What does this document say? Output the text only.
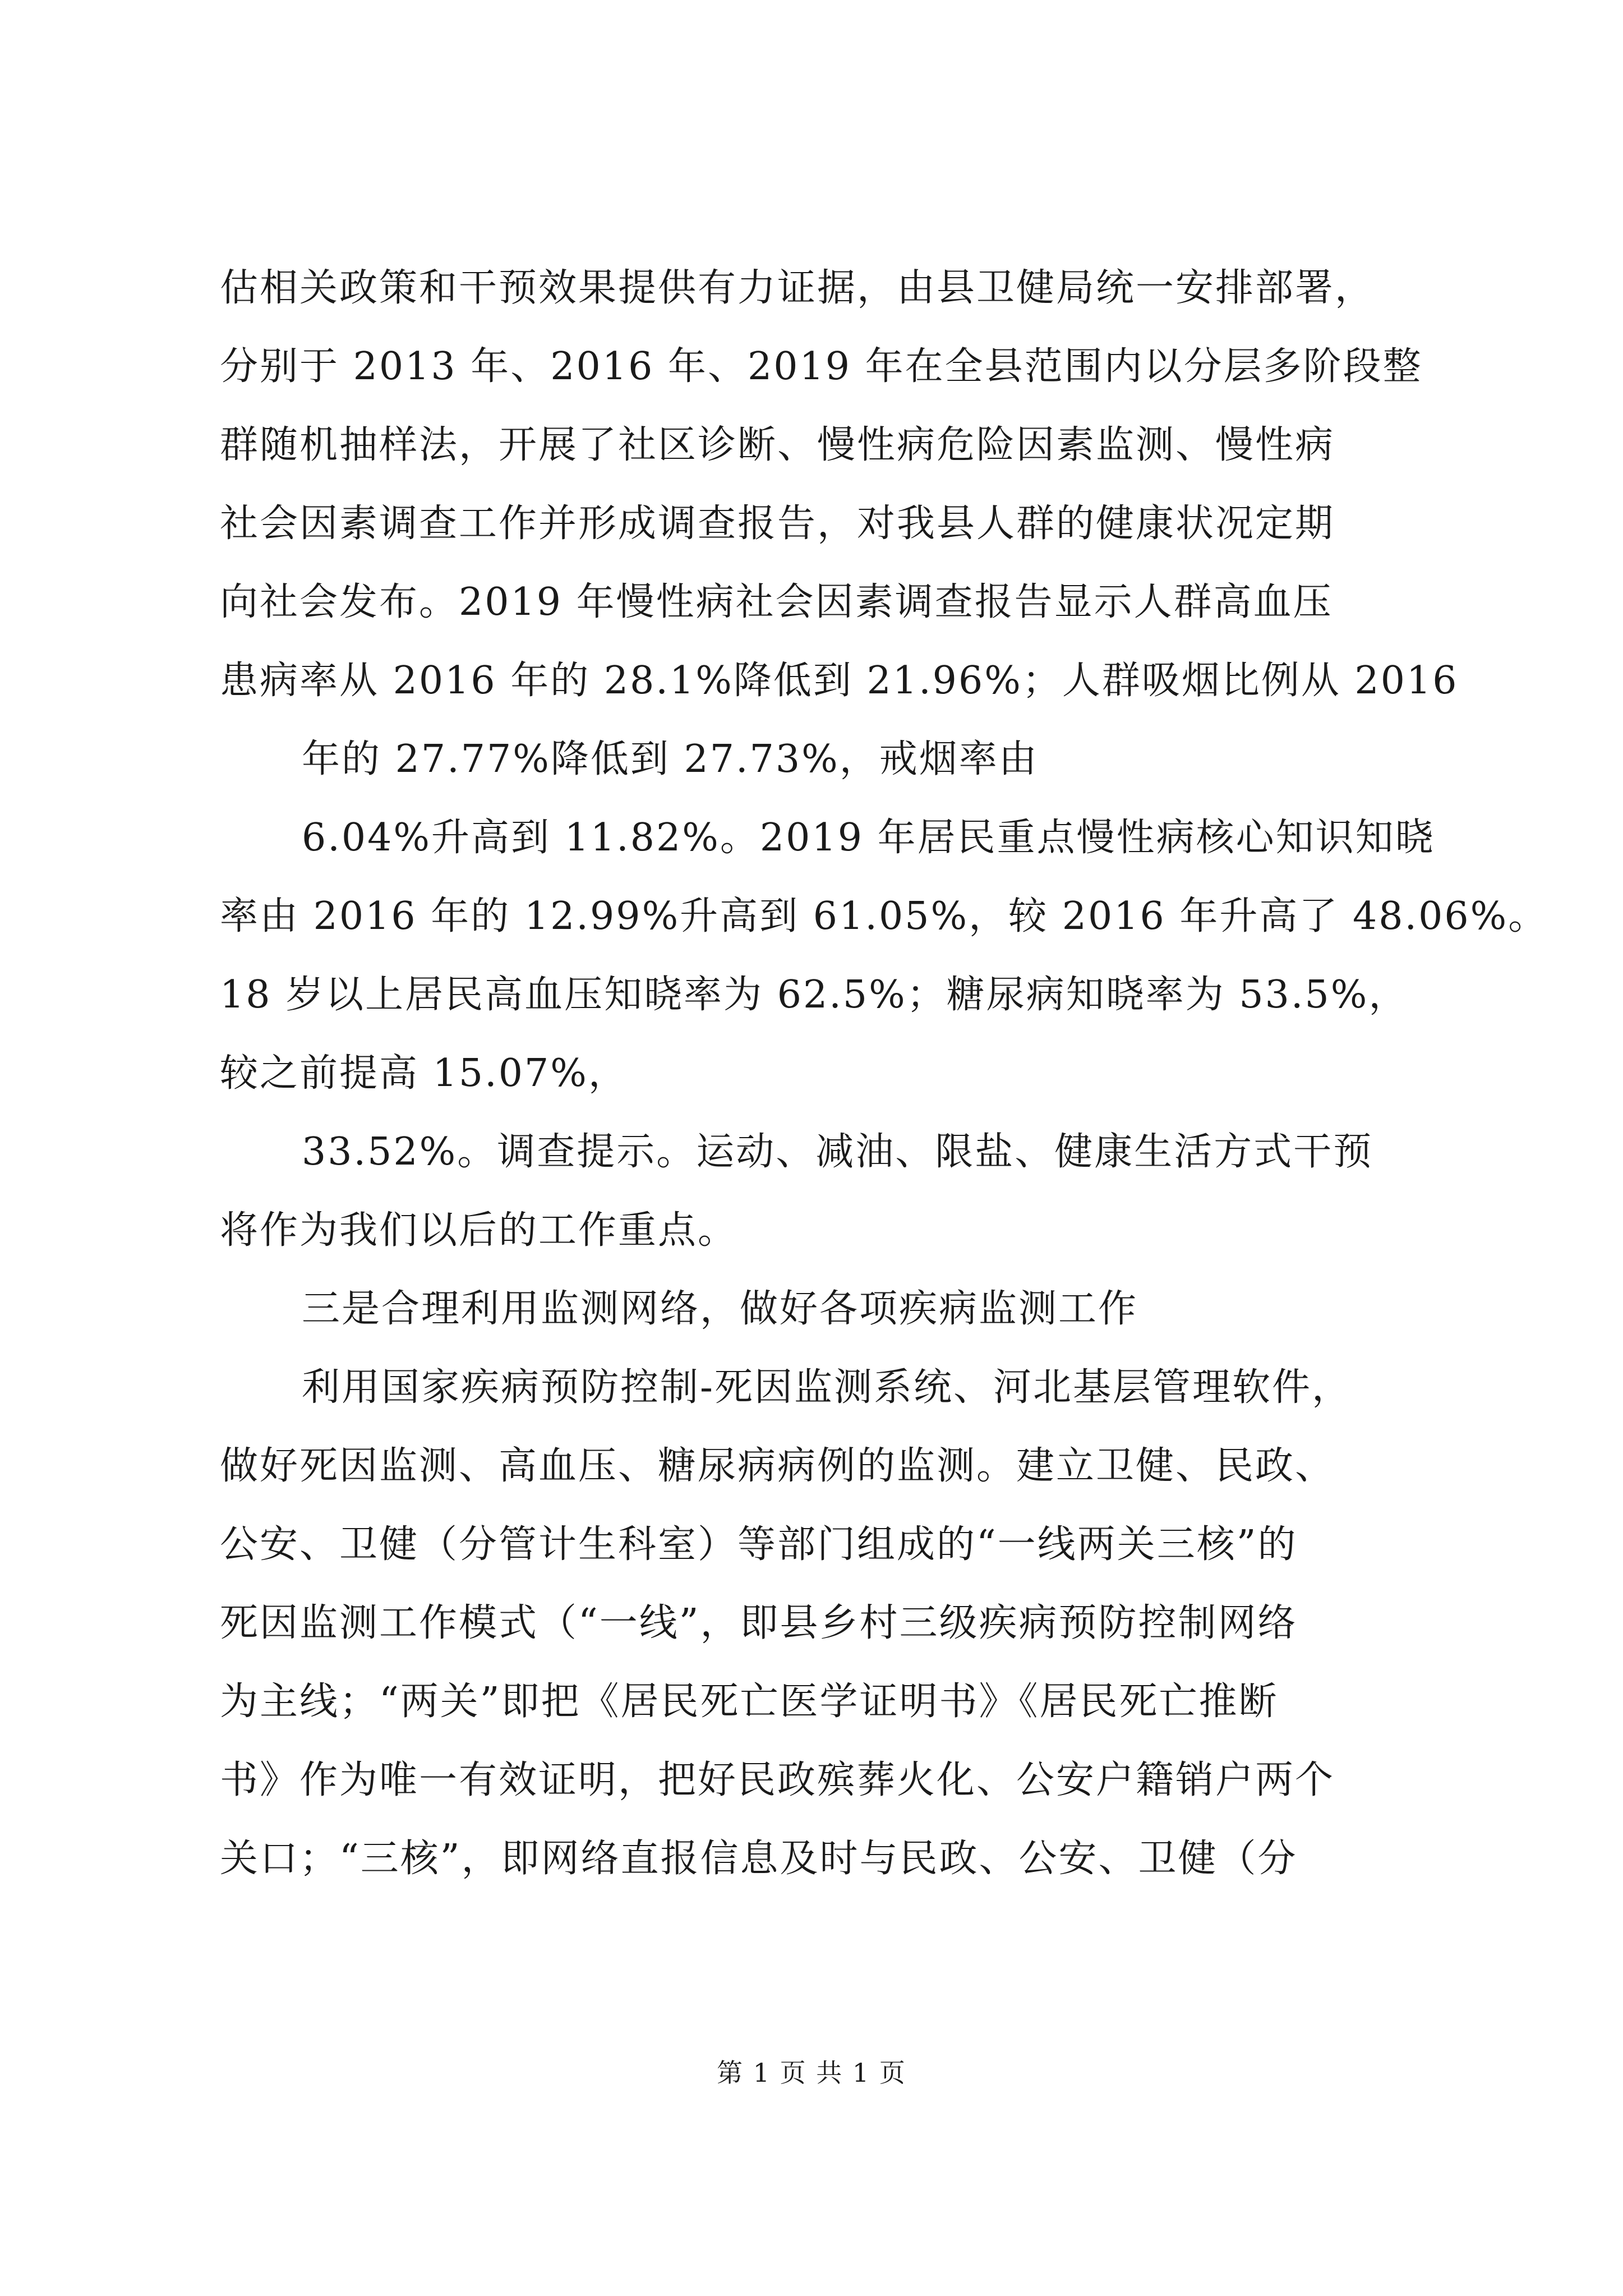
估相关政策和干预效果提供有力证据，由县卫健局统一安排部署，
分别于 2013 年、2016 年、2019 年在全县范围内以分层多阶段整
群随机抽样法，开展了社区诊断、慢性病危险因素监测、慢性病
社会因素调查工作并形成调查报告，对我县人群的健康状况定期
向社会发布。2019 年慢性病社会因素调查报告显示人群高血压
患病率从 2016 年的 28.1%降低到 21.96%；人群吸烟比例从 2016
年的 27.77%降低到 27.73%，戒烟率由
6.04%升高到 11.82%。2019 年居民重点慢性病核心知识知晓
率由 2016 年的 12.99%升高到 61.05%，较 2016 年升高了 48.06%。
18 岁以上居民高血压知晓率为 62.5%；糖尿病知晓率为 53.5%，
较之前提高 15.07%，
33.52%。调查提示。运动、减油、限盐、健康生活方式干预
将作为我们以后的工作重点。
三是合理利用监测网络，做好各项疾病监测工作
利用国家疾病预防控制-死因监测系统、河北基层管理软件，
做好死因监测、高血压、糖尿病病例的监测。建立卫健、民政、
公安、卫健（分管计生科室）等部门组成的“一线两关三核”的
死因监测工作模式（“一线”，即县乡村三级疾病预防控制网络
为主线；“两关”即把《居民死亡医学证明书》《居民死亡推断
书》作为唯一有效证明，把好民政殡葬火化、公安户籍销户两个
关口；“三核”，即网络直报信息及时与民政、公安、卫健（分
第 1 页 共 1 页
